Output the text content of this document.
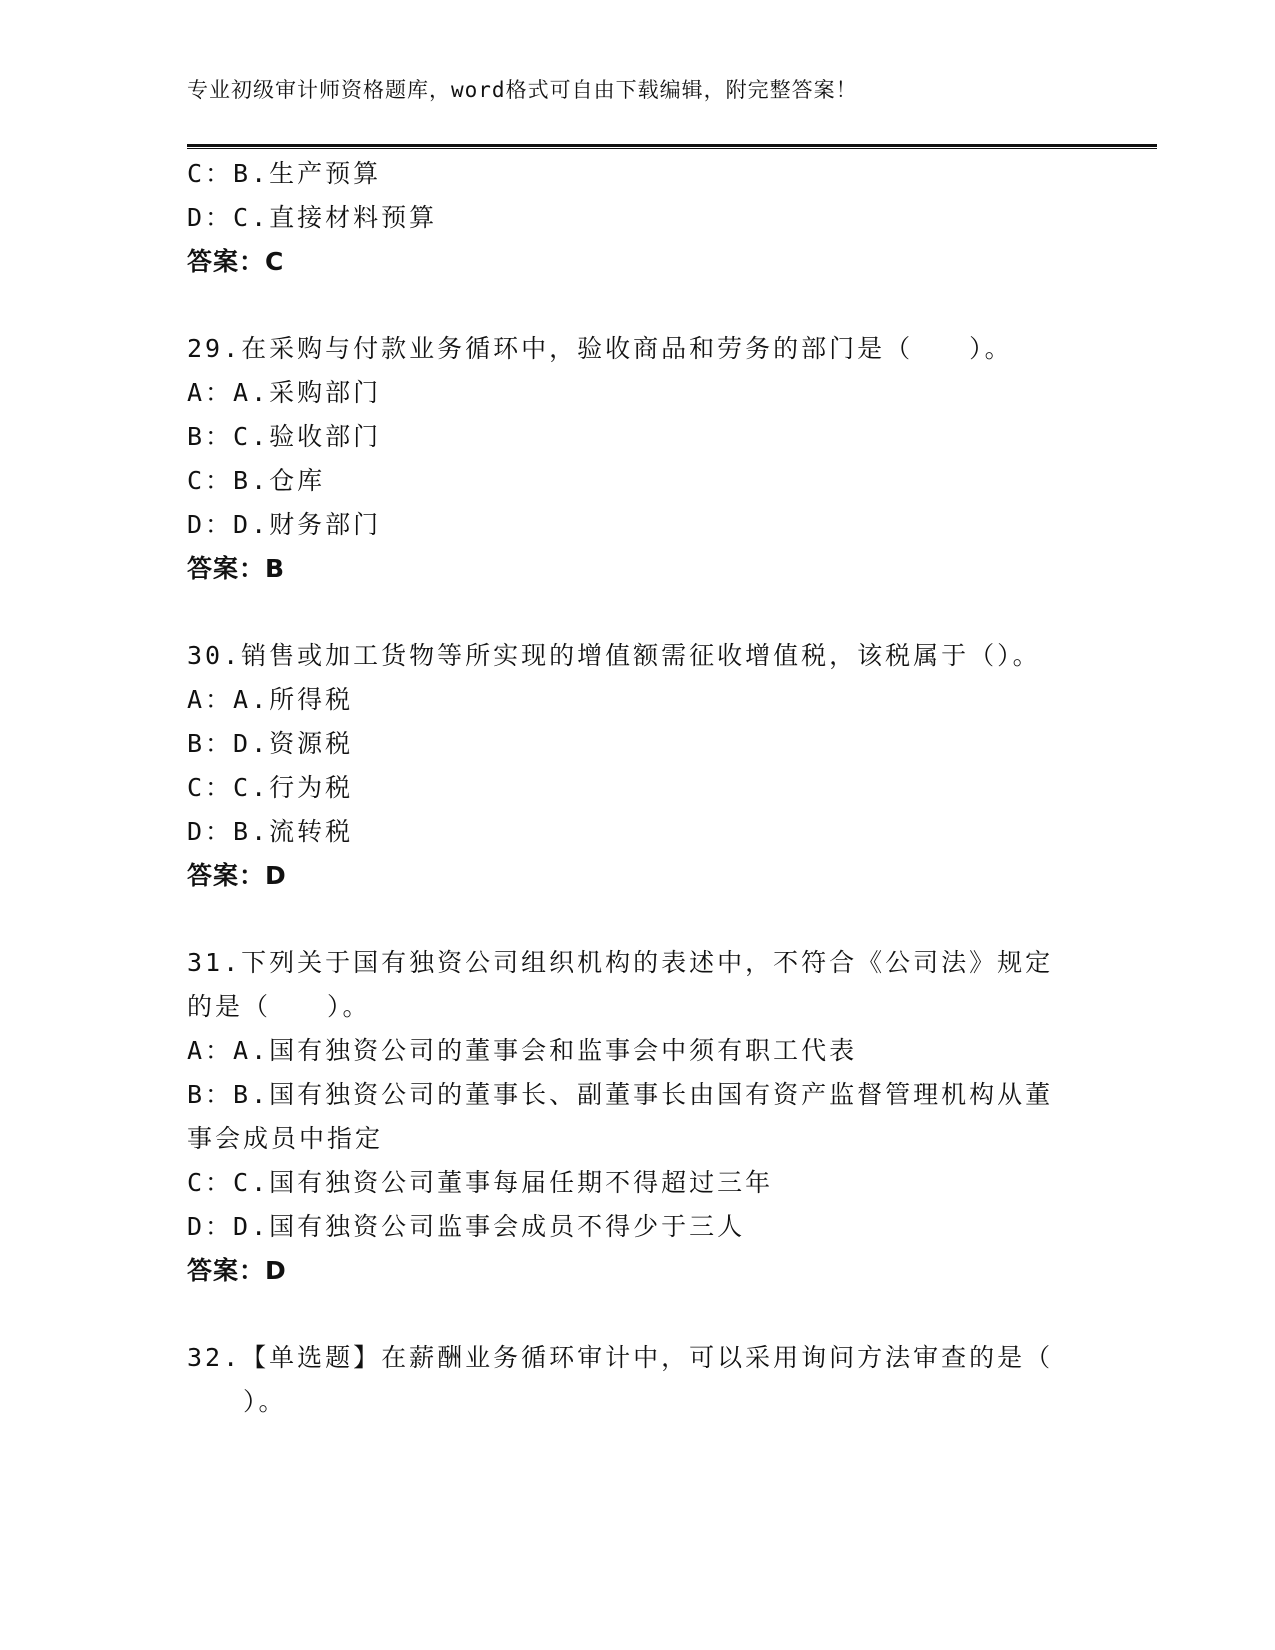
专业初级审计师资格题库，word格式可自由下载编辑，附完整答案！
C：B.生产预算
D：C.直接材料预算
答案：C
29.在采购与付款业务循环中，验收商品和劳务的部门是（　　）。
A：A.采购部门
B：C.验收部门
C：B.仓库
D：D.财务部门
答案：B
30.销售或加工货物等所实现的增值额需征收增值税，该税属于（）。
A：A.所得税
B：D.资源税
C：C.行为税
D：B.流转税
答案：D
31.下列关于国有独资公司组织机构的表述中，不符合《公司法》规定
的是（　　）。
A：A.国有独资公司的董事会和监事会中须有职工代表
B：B.国有独资公司的董事长、副董事长由国有资产监督管理机构从董
事会成员中指定
C：C.国有独资公司董事每届任期不得超过三年
D：D.国有独资公司监事会成员不得少于三人
答案：D
32.【单选题】在薪酬业务循环审计中，可以采用询问方法审查的是（
　　）。
